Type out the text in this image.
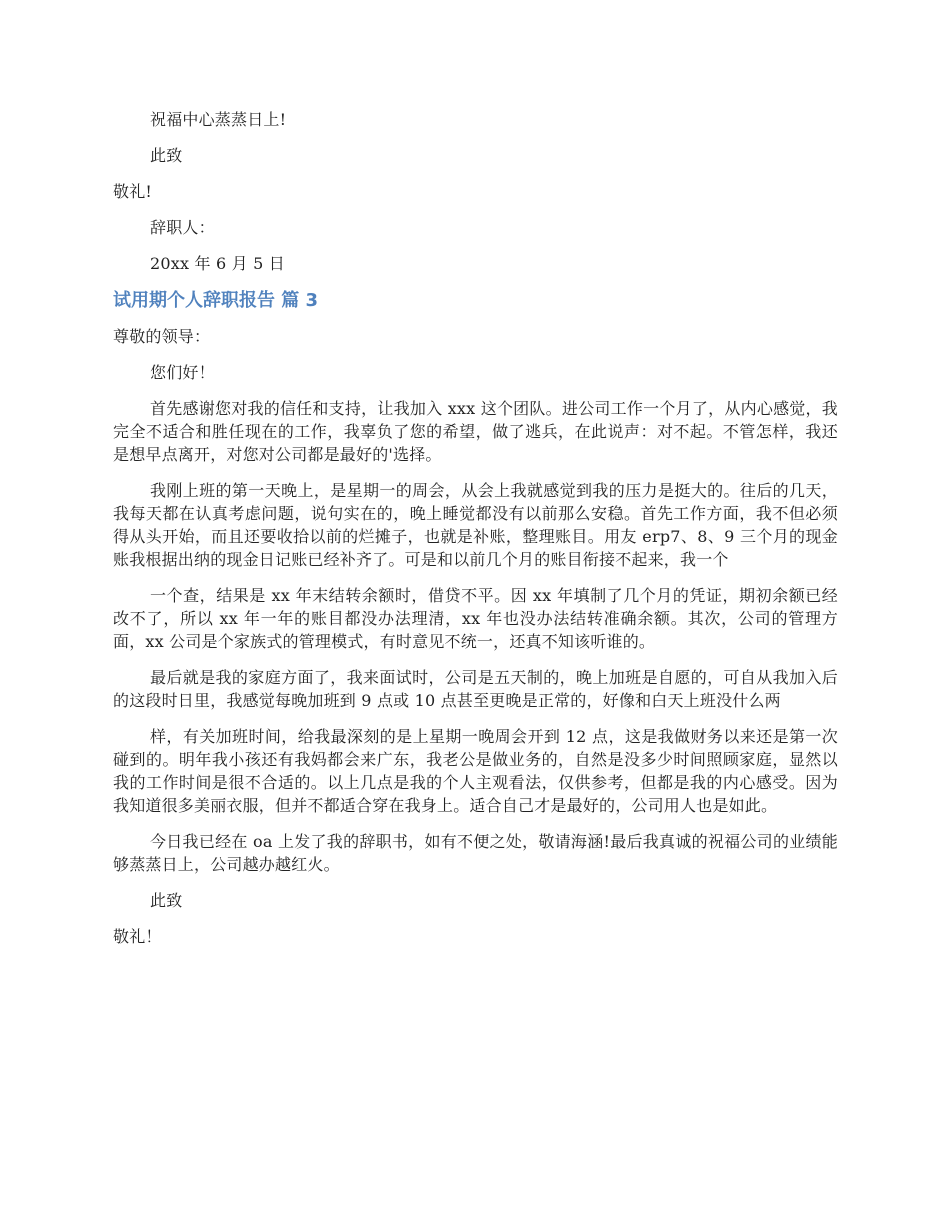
祝福中心蒸蒸日上!

此致

敬礼!

辞职人：

20xx 年 6 月 5 日

试用期个人辞职报告 篇 3

尊敬的领导：

您们好！

首先感谢您对我的信任和支持，让我加入 xxx 这个团队。进公司工作一个月了，从内心感觉，我完全不适合和胜任现在的工作，我辜负了您的希望，做了逃兵，在此说声：对不起。不管怎样，我还是想早点离开，对您对公司都是最好的'选择。

我刚上班的第一天晚上，是星期一的周会，从会上我就感觉到我的压力是挺大的。往后的几天，我每天都在认真考虑问题，说句实在的，晚上睡觉都没有以前那么安稳。首先工作方面，我不但必须得从头开始，而且还要收拾以前的烂摊子，也就是补账，整理账目。用友 erp7、8、9 三个月的现金账我根据出纳的现金日记账已经补齐了。可是和以前几个月的账目衔接不起来，我一个

一个查，结果是 xx 年末结转余额时，借贷不平。因 xx 年填制了几个月的凭证，期初余额已经改不了，所以 xx 年一年的账目都没办法理清，xx 年也没办法结转准确余额。其次，公司的管理方面，xx 公司是个家族式的管理模式，有时意见不统一，还真不知该听谁的。

最后就是我的家庭方面了，我来面试时，公司是五天制的，晚上加班是自愿的，可自从我加入后的这段时日里，我感觉每晚加班到 9 点或 10 点甚至更晚是正常的，好像和白天上班没什么两

样，有关加班时间，给我最深刻的是上星期一晚周会开到 12 点，这是我做财务以来还是第一次碰到的。明年我小孩还有我妈都会来广东，我老公是做业务的，自然是没多少时间照顾家庭，显然以我的工作时间是很不合适的。以上几点是我的个人主观看法，仅供参考，但都是我的内心感受。因为我知道很多美丽衣服，但并不都适合穿在我身上。适合自己才是最好的，公司用人也是如此。

今日我已经在 oa 上发了我的辞职书，如有不便之处，敬请海涵!最后我真诚的祝福公司的业绩能够蒸蒸日上，公司越办越红火。

此致

敬礼！
